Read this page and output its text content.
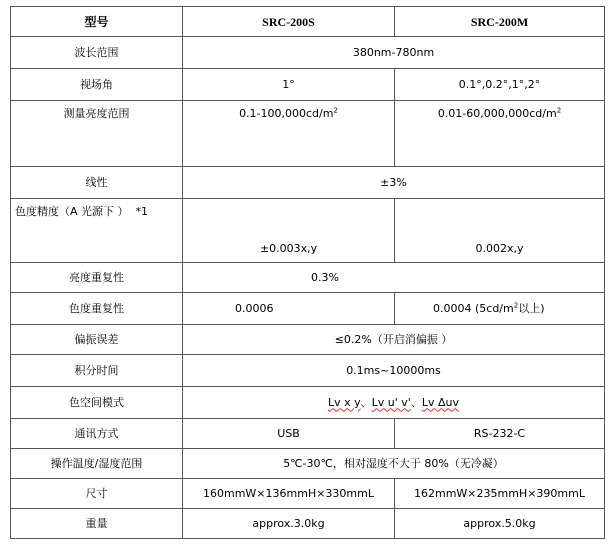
型号	SRC-200S	SRC-200M
波长范围	380nm-780nm	
视场角	1°	0.1°,0.2°,1°,2°
测量亮度范围	$0.1-100,000cd/m^2$	$0.01-60,000,000cd/m^2$
线性	±3%	
色度精度（A 光源下 ） *1	±0.003x,y	0.002x,y
亮度重复性	0.3%	
色度重复性	0.0006	0.0004 ($5cd/m^2$以上)
偏振误差	≤0.2%（开启消偏振 ）	
积分时间	0.1ms~10000ms	
色空间模式	Lv x y、Lv u' v'、Lv Δuv	
通讯方式	USB	RS-232-C
操作温度/湿度范围	5℃-30℃，相对湿度不大于 80%（无冷凝）	
尺寸	160mmW×136mmH×330mmL	162mmW×235mmH×390mmL
重量	approx.3.0kg	approx.5.0kg
